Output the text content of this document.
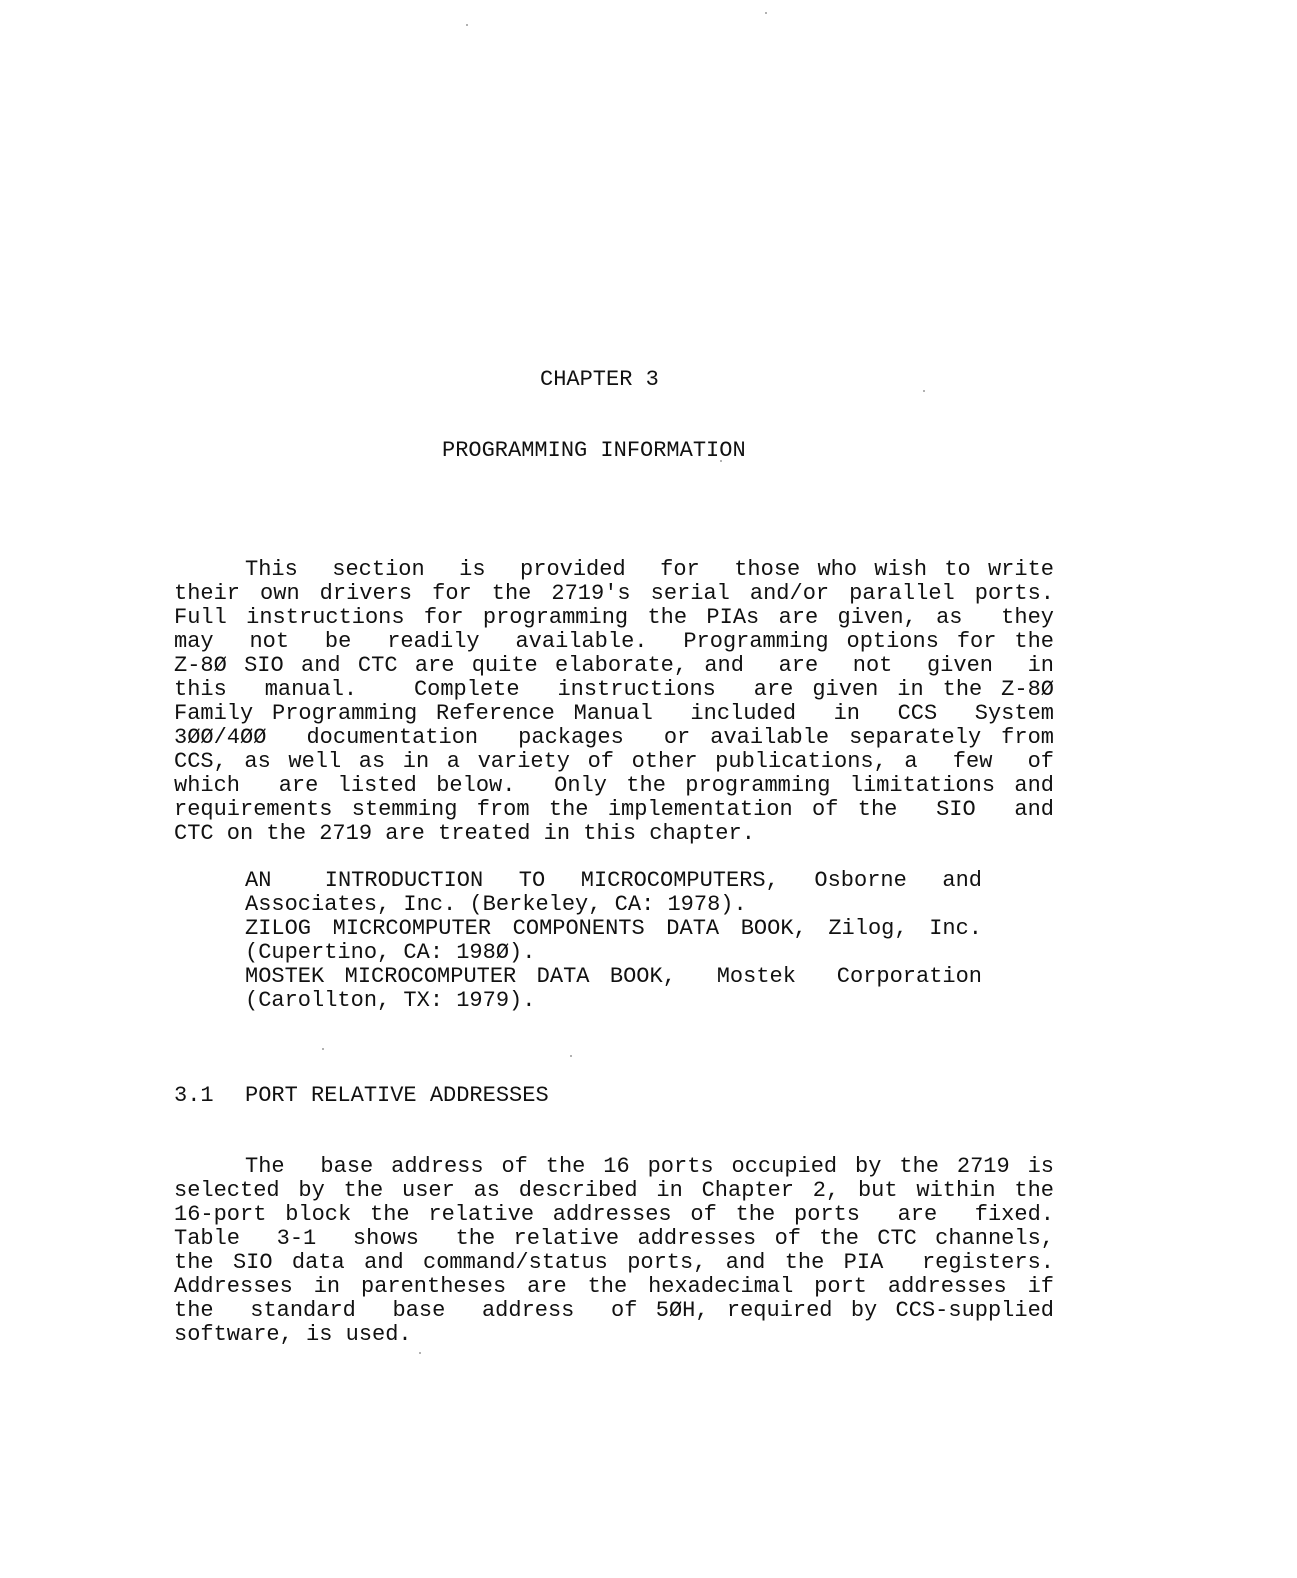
CHAPTER 3
PROGRAMMING INFORMATION
This  section  is  provided  for  those who wish to write
their own drivers for the 2719's serial and/or parallel ports.
Full instructions for programming the PIAs are given, as  they
may  not  be  readily  available.  Programming options for the
Z-8Ø SIO and CTC are quite elaborate, and  are  not  given  in
this  manual.   Complete  instructions  are given in the Z-8Ø
Family Programming Reference Manual  included  in  CCS  System
3ØØ/4ØØ  documentation  packages  or available separately from
CCS, as well as in a variety of other publications, a  few  of
which  are listed below.  Only the programming limitations and
requirements stemming from the implementation of the  SIO  and
CTC on the 2719 are treated in this chapter.
AN   INTRODUCTION  TO  MICROCOMPUTERS,  Osborne  and
Associates, Inc. (Berkeley, CA: 1978).
ZILOG MICRCOMPUTER COMPONENTS DATA BOOK, Zilog, Inc.
(Cupertino, CA: 198Ø).
MOSTEK MICROCOMPUTER DATA BOOK,  Mostek  Corporation
(Carollton, TX: 1979).
3.1 PORT RELATIVE ADDRESSES
The  base address of the 16 ports occupied by the 2719 is
selected by the user as described in Chapter 2, but within the
16-port block the relative addresses of the ports  are  fixed.
Table  3-1  shows  the relative addresses of the CTC channels,
the SIO data and command/status ports, and the PIA  registers.
Addresses in parentheses are the hexadecimal port addresses if
the  standard  base  address  of 5ØH, required by CCS-supplied
software, is used.
